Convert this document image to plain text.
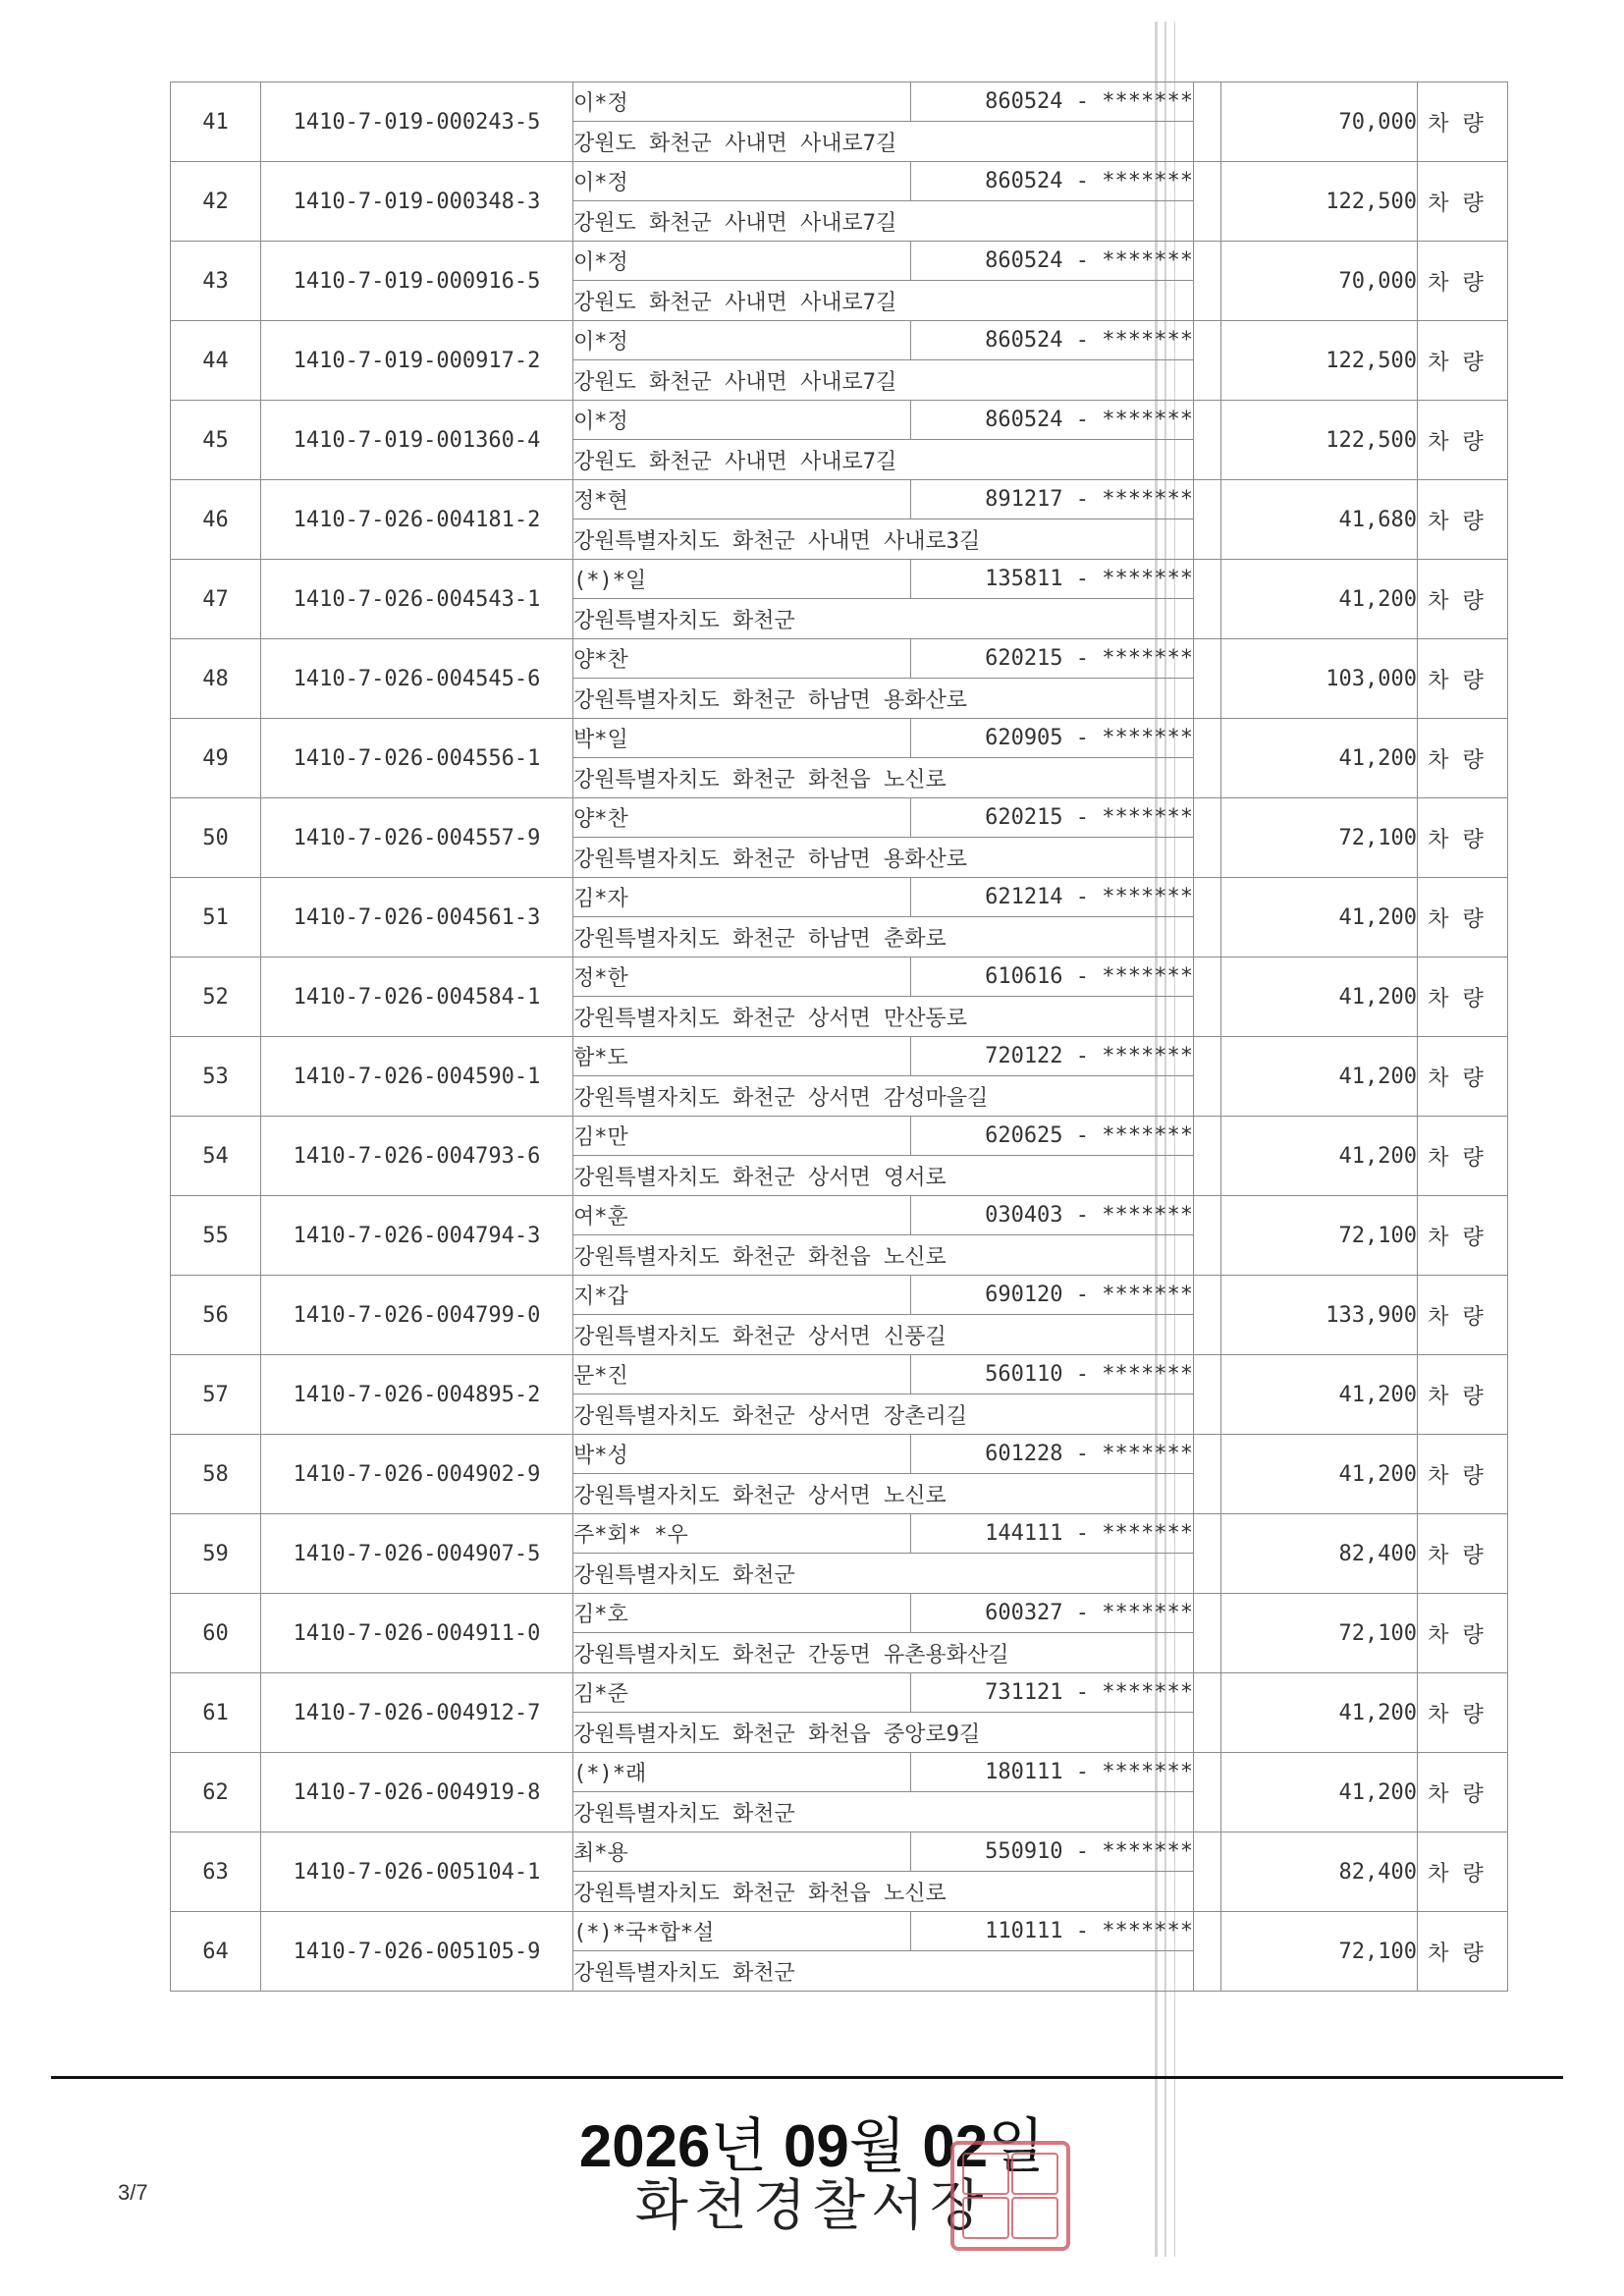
41	1410-7-019-000243-5	이*정	860524 - *******		70,000	차량
		강원도 화천군 사내면 사내로7길				
42	1410-7-019-000348-3	이*정	860524 - *******		122,500	차량
		강원도 화천군 사내면 사내로7길				
43	1410-7-019-000916-5	이*정	860524 - *******		70,000	차량
		강원도 화천군 사내면 사내로7길				
44	1410-7-019-000917-2	이*정	860524 - *******		122,500	차량
		강원도 화천군 사내면 사내로7길				
45	1410-7-019-001360-4	이*정	860524 - *******		122,500	차량
		강원도 화천군 사내면 사내로7길				
46	1410-7-026-004181-2	정*현	891217 - *******		41,680	차량
		강원특별자치도 화천군 사내면 사내로3길				
47	1410-7-026-004543-1	(*)*일	135811 - *******		41,200	차량
		강원특별자치도 화천군				
48	1410-7-026-004545-6	양*찬	620215 - *******		103,000	차량
		강원특별자치도 화천군 하남면 용화산로				
49	1410-7-026-004556-1	박*일	620905 - *******		41,200	차량
		강원특별자치도 화천군 화천읍 노신로				
50	1410-7-026-004557-9	양*찬	620215 - *******		72,100	차량
		강원특별자치도 화천군 하남면 용화산로				
51	1410-7-026-004561-3	김*자	621214 - *******		41,200	차량
		강원특별자치도 화천군 하남면 춘화로				
52	1410-7-026-004584-1	정*한	610616 - *******		41,200	차량
		강원특별자치도 화천군 상서면 만산동로				
53	1410-7-026-004590-1	함*도	720122 - *******		41,200	차량
		강원특별자치도 화천군 상서면 감성마을길				
54	1410-7-026-004793-6	김*만	620625 - *******		41,200	차량
		강원특별자치도 화천군 상서면 영서로				
55	1410-7-026-004794-3	여*훈	030403 - *******		72,100	차량
		강원특별자치도 화천군 화천읍 노신로				
56	1410-7-026-004799-0	지*갑	690120 - *******		133,900	차량
		강원특별자치도 화천군 상서면 신풍길				
57	1410-7-026-004895-2	문*진	560110 - *******		41,200	차량
		강원특별자치도 화천군 상서면 장촌리길				
58	1410-7-026-004902-9	박*성	601228 - *******		41,200	차량
		강원특별자치도 화천군 상서면 노신로				
59	1410-7-026-004907-5	주*회* *우	144111 - *******		82,400	차량
		강원특별자치도 화천군				
60	1410-7-026-004911-0	김*호	600327 - *******		72,100	차량
		강원특별자치도 화천군 간동면 유촌용화산길				
61	1410-7-026-004912-7	김*준	731121 - *******		41,200	차량
		강원특별자치도 화천군 화천읍 중앙로9길				
62	1410-7-026-004919-8	(*)*래	180111 - *******		41,200	차량
		강원특별자치도 화천군				
63	1410-7-026-005104-1	최*용	550910 - *******		82,400	차량
		강원특별자치도 화천군 화천읍 노신로				
64	1410-7-026-005105-9	(*)*국*합*설	110111 - *******		72,100	차량
		강원특별자치도 화천군				
2026년 09월 02일
화천경찰서장
3/7
